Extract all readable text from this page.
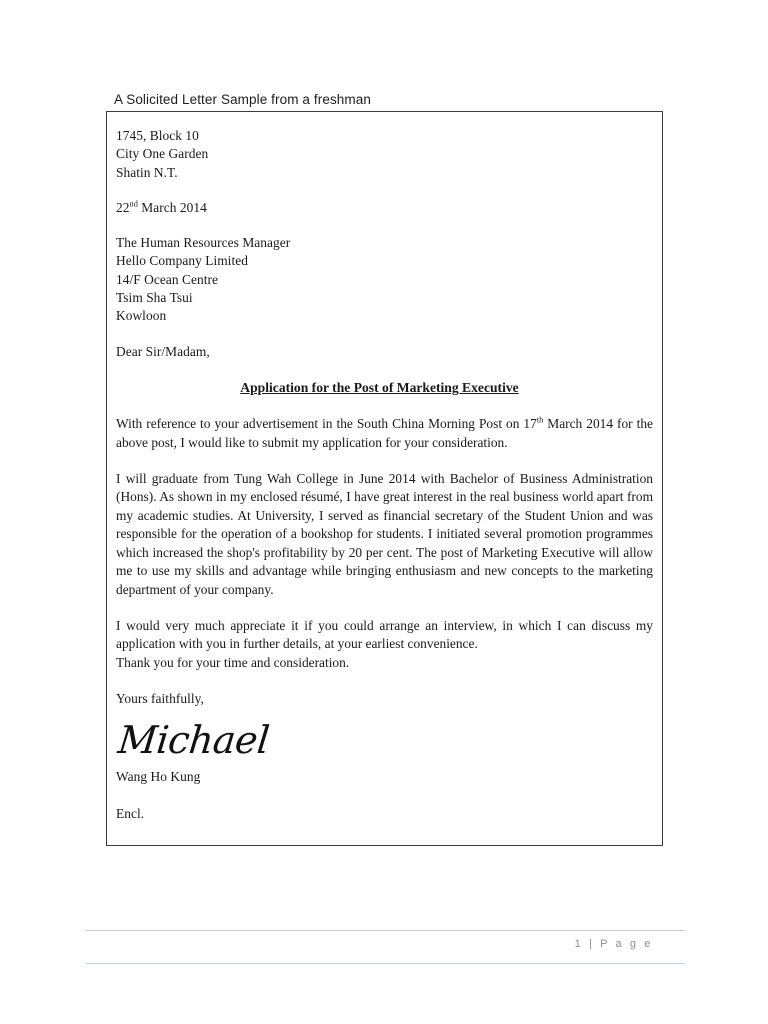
A Solicited Letter Sample from a freshman
1745, Block 10
City One Garden
Shatin N.T.
22nd March 2014
The Human Resources Manager
Hello Company Limited
14/F Ocean Centre
Tsim Sha Tsui
Kowloon
Dear Sir/Madam,
Application for the Post of Marketing Executive

With reference to your advertisement in the South China Morning Post on 17th March 2014 for the above post, I would like to submit my application for your consideration.

I will graduate from Tung Wah College in June 2014 with Bachelor of Business Administration (Hons). As shown in my enclosed résumé, I have great interest in the real business world apart from my academic studies. At University, I served as financial secretary of the Student Union and was responsible for the operation of a bookshop for students. I initiated several promotion programmes which increased the shop's profitability by 20 per cent. The post of Marketing Executive will allow me to use my skills and advantage while bringing enthusiasm and new concepts to the marketing department of your company.

I would very much appreciate it if you could arrange an interview, in which I can discuss my application with you in further details, at your earliest convenience.

Thank you for your time and consideration.

Yours faithfully,
Michael
Wang Ho Kung
Encl.
1 | P a g e
